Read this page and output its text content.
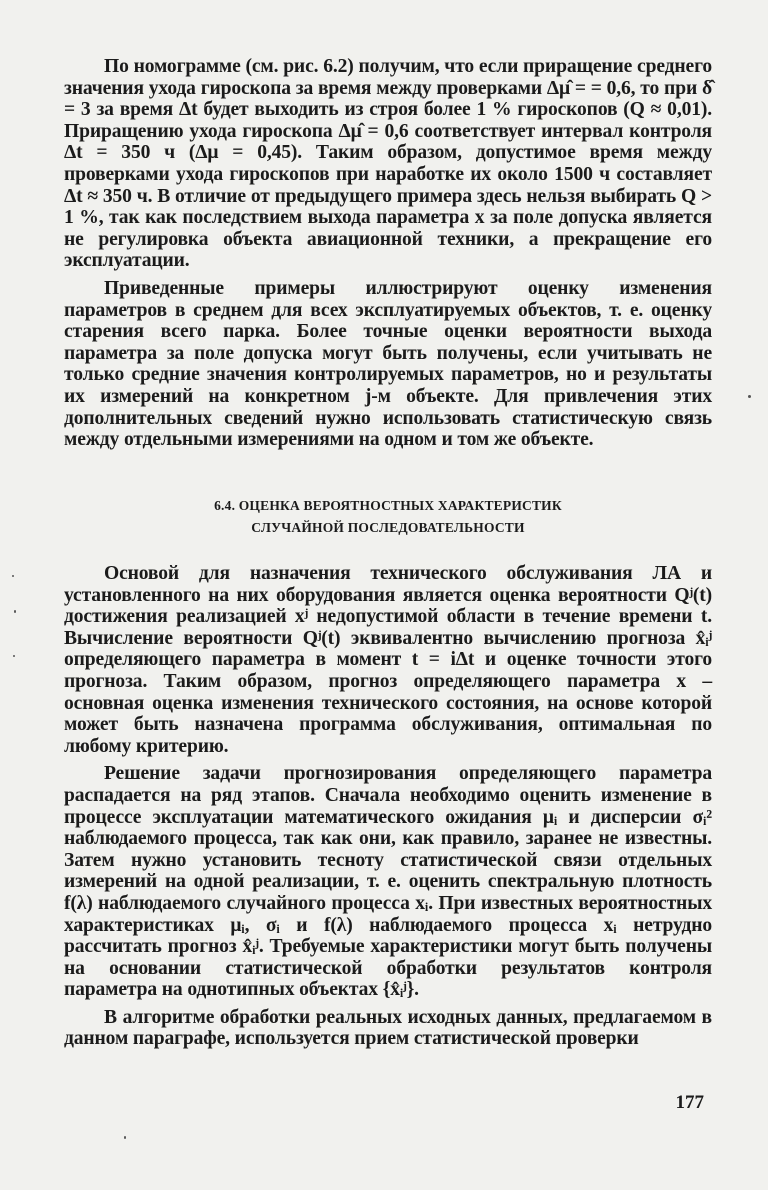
По номограмме (см. рис. 6.2) получим, что если приращение среднего значения ухода гироскопа за время между проверками Δμ̂ = = 0,6, то при δ̂ = 3 за время Δt будет выходить из строя более 1 % гироскопов (Q ≈ 0,01). Приращению ухода гироскопа Δμ̂ = 0,6 соответствует интервал контроля Δt = 350 ч (Δμ = 0,45). Таким образом, допустимое время между проверками ухода гироскопов при наработке их около 1500 ч составляет Δt ≈ 350 ч. В отличие от предыдущего примера здесь нельзя выбирать Q > 1 %, так как последствием выхода параметра x за поле допуска является не регулировка объекта авиационной техники, а прекращение его эксплуатации.

Приведенные примеры иллюстрируют оценку изменения параметров в среднем для всех эксплуатируемых объектов, т. е. оценку старения всего парка. Более точные оценки вероятности выхода параметра за поле допуска могут быть получены, если учитывать не только средние значения контролируемых параметров, но и результаты их измерений на конкретном j-м объекте. Для привлечения этих дополнительных сведений нужно использовать статистическую связь между отдельными измерениями на одном и том же объекте.

6.4. ОЦЕНКА ВЕРОЯТНОСТНЫХ ХАРАКТЕРИСТИК
СЛУЧАЙНОЙ ПОСЛЕДОВАТЕЛЬНОСТИ

Основой для назначения технического обслуживания ЛА и установленного на них оборудования является оценка вероятности Qʲ(t) достижения реализацией xʲ недопустимой области в течение времени t. Вычисление вероятности Qʲ(t) эквивалентно вычислению прогноза x̂ᵢʲ определяющего параметра в момент t = iΔt и оценке точности этого прогноза. Таким образом, прогноз определяющего параметра x – основная оценка изменения технического состояния, на основе которой может быть назначена программа обслуживания, оптимальная по любому критерию.

Решение задачи прогнозирования определяющего параметра распадается на ряд этапов. Сначала необходимо оценить изменение в процессе эксплуатации математического ожидания μᵢ и дисперсии σᵢ² наблюдаемого процесса, так как они, как правило, заранее не известны. Затем нужно установить тесноту статистической связи отдельных измерений на одной реализации, т. е. оценить спектральную плотность f(λ) наблюдаемого случайного процесса xᵢ. При известных вероятностных характеристиках μᵢ, σᵢ и f(λ) наблюдаемого процесса xᵢ нетрудно рассчитать прогноз x̂ᵢʲ. Требуемые характеристики могут быть получены на основании статистической обработки результатов контроля параметра на однотипных объектах {x̂ᵢʲ}.

В алгоритме обработки реальных исходных данных, предлагаемом в данном параграфе, используется прием статистической проверки

177
